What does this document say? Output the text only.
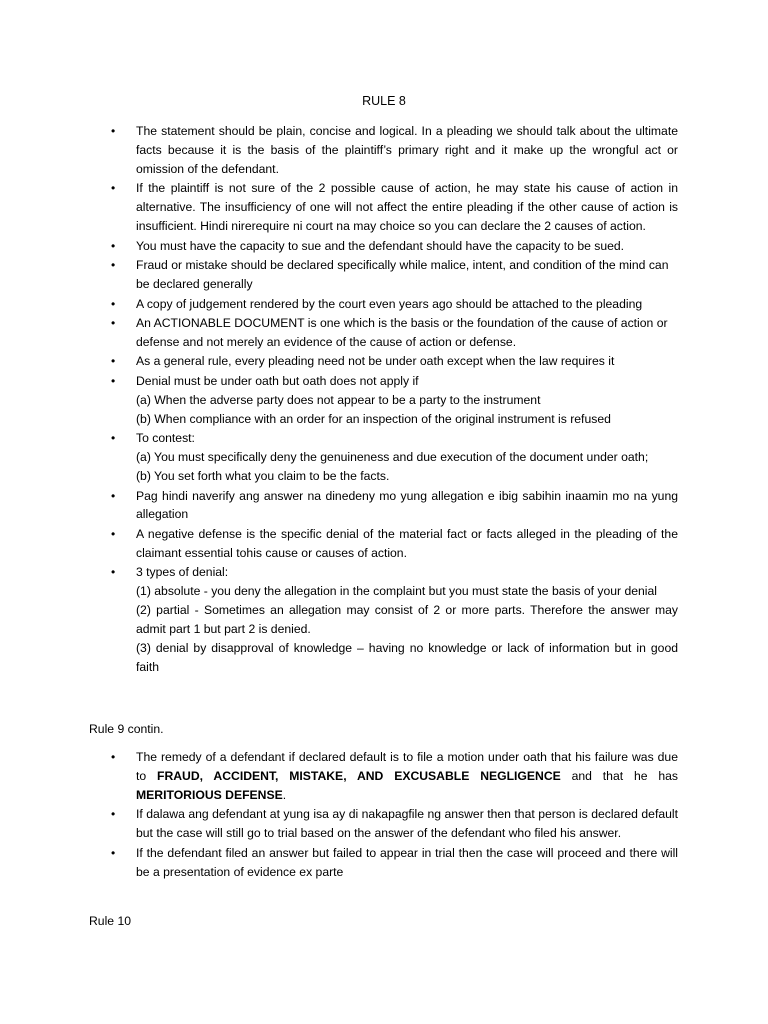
RULE 8
• The statement should be plain, concise and logical. In a pleading we should talk about the ultimate facts because it is the basis of the plaintiff’s primary right and it make up the wrongful act or omission of the defendant.
• If the plaintiff is not sure of the 2 possible cause of action, he may state his cause of action in alternative. The insufficiency of one will not affect the entire pleading if the other cause of action is insufficient. Hindi nirerequire ni court na may choice so you can declare the 2 causes of action.
• You must have the capacity to sue and the defendant should have the capacity to be sued.
• Fraud or mistake should be declared specifically while malice, intent, and condition of the mind can be declared generally
• A copy of judgement rendered by the court even years ago should be attached to the pleading
• An ACTIONABLE DOCUMENT is one which is the basis or the foundation of the cause of action or defense and not merely an evidence of the cause of action or defense.
• As a general rule, every pleading need not be under oath except when the law requires it
• Denial must be under oath but oath does not apply if
(a) When the adverse party does not appear to be a party to the instrument
(b) When compliance with an order for an inspection of the original instrument is refused
• To contest:
(a) You must specifically deny the genuineness and due execution of the document under oath;
(b) You set forth what you claim to be the facts.
• Pag hindi naverify ang answer na dinedeny mo yung allegation e ibig sabihin inaamin mo na yung allegation
• A negative defense is the specific denial of the material fact or facts alleged in the pleading of the claimant essential tohis cause or causes of action.
• 3 types of denial:
(1) absolute - you deny the allegation in the complaint but you must state the basis of your denial
(2) partial - Sometimes an allegation may consist of 2 or more parts. Therefore the answer may admit part 1 but part 2 is denied.
(3) denial by disapproval of knowledge – having no knowledge or lack of information but in good faith
Rule 9 contin.
• The remedy of a defendant if declared default is to file a motion under oath that his failure was due to FRAUD, ACCIDENT, MISTAKE, AND EXCUSABLE NEGLIGENCE and that he has MERITORIOUS DEFENSE.
• If dalawa ang defendant at yung isa ay di nakapagfile ng answer then that person is declared default but the case will still go to trial based on the answer of the defendant who filed his answer.
• If the defendant filed an answer but failed to appear in trial then the case will proceed and there will be a presentation of evidence ex parte
Rule 10
